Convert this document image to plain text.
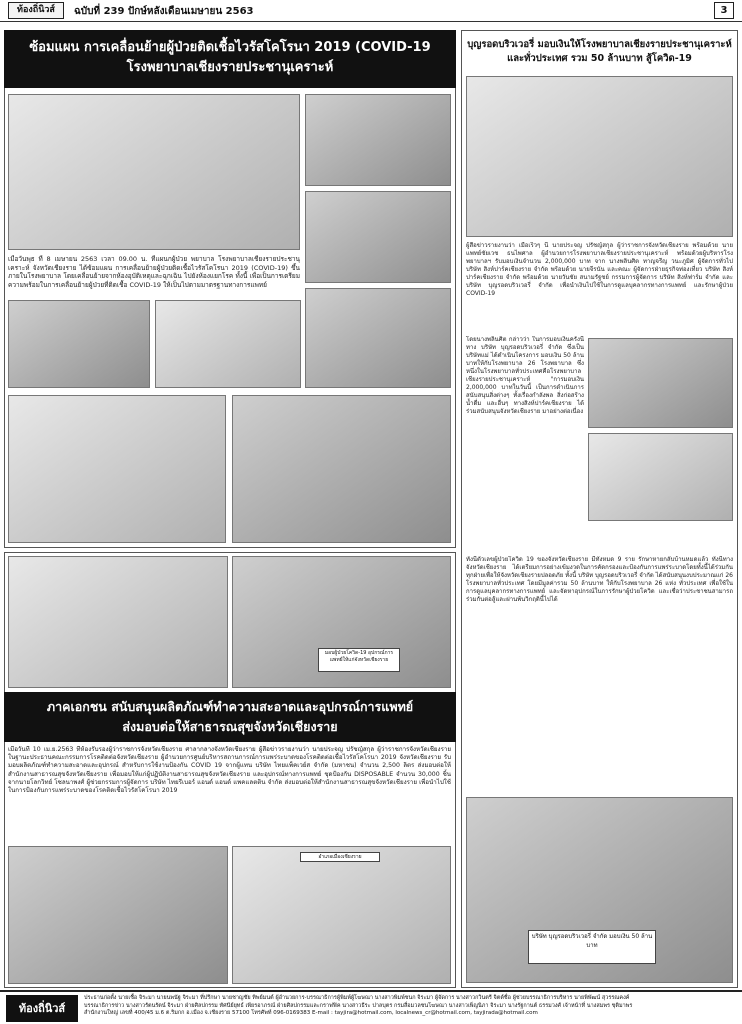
ท้องถิ่นิวส์	ฉบับที่ 239 ปักษ์หลังเดือนเมษายน 2563	3
ซ้อมแผน การเคลื่อนย้ายผู้ป่วยติดเชื้อไวรัสโคโรนา 2019 (COVID-19
โรงพยาบาลเชียงรายประชานุเคราะห์
เมื่อวันพุธ ที่ 8 เมษายน 2563 เวลา 09.00 น. ที่แผนกผู้ป่วย พยาบาล โรงพยาบาลเชียงรายประชานุเคราะห์ จังหวัดเชียงราย ได้ซ้อมแผน การเคลื่อนย้ายผู้ป่วยติดเชื้อไวรัสโคโรนา 2019 (COVID-19) ขึ้น ภายในโรงพยาบาล โดยเคลื่อนย้ายจากห้องอุบัติเหตุและฉุกเฉิน ไปยังห้องแยกโรค ทั้งนี้ เพื่อเป็นการเตรียมความพร้อมในการเคลื่อนย้ายผู้ป่วยที่ติดเชื้อ COVID-19 ให้เป็นไปตามมาตรฐานทางการแพทย์
บุญรอดบริวเวอรี่ มอบเงินให้โรงพยาบาลเชียงรายประชานุเคราะห์
และทั่วประเทศ รวม 50 ล้านบาท สู้โควิด-19
ผู้สื่อข่าวรายงานว่า เมื่อเร็วๆ นี้ นายประจญ ปรัชญ์สกุล ผู้ว่าราชการจังหวัดเชียงราย พร้อมด้วย นายแพทย์ชัยเวช ธนไพศาล ผู้อำนวยการโรงพยาบาลเชียงรายประชานุเคราะห์ พร้อมด้วยผู้บริหารโรงพยาบาลฯ รับมอบเงินจำนวน 2,000,000 บาท จาก นางพลินศิต ทาญจรีญ วนะภูมิศ ผู้จัดการทั่วไป บริษัท สิงห์ปาร์คเชียงราย จำกัด พร้อมด้วย นายจีรนัน และคณะ ผู้จัดการฝ่ายธุรกิจท่องเที่ยว บริษัท สิงห์ปาร์คเชียงราย จำกัด พร้อมด้วย นายวันชัย สนามรัฐชย์ กรรมการผู้จัดการ บริษัท สิงห์ฟาร์ม จำกัด และ บริษัท บุญรอดบริวเวอรี่ จำกัด เพื่อนำเงินไปใช้ในการดูแลบุคลากรทางการแพทย์ และรักษาผู้ป่วย COVID-19
โดยนางพลินศิต กล่าวว่า ในการมอบเงินครั้งนี้ ทาง บริษัท บุญรอดบริวเวอรี่ จำกัด ซึ่งเป็นบริษัทแม่ ได้ดำเนินโครงการ มอบเงิน 50 ล้านบาทให้กับโรงพยาบาล 26 โรงพยาบาล ซึ่งหนึ่งในโรงพยาบาลทั่วประเทศคือโรงพยาบาลเชียงรายประชานุเคราะห์ "การมอบเงิน 2,000,000 บาทในวันนี้ เป็นการดำเนินการสนับสนุนสิ่งต่างๆ ทั้งเรื่องกำลังพล สิ่งก่อสร้าง น้ำดื่ม และอื่นๆ ทางสิงห์ปาร์คเชียงราย ได้ร่วมสนับสนุนจังหวัดเชียงราย มาอย่างต่อเนื่อง
ทั้งนี้ตัวเลขผู้ป่วยโควิด 19 ของจังหวัดเชียงราย มีทั้งหมด 9 ราย รักษาหายกลับบ้านหมดแล้ว ทั้งนี้ทางจังหวัดเชียงราย ได้เตรียมการอย่างเข้มงวดในการคัดกรองและป้องกันการแพร่ระบาดโดยทั้งนี้ได้ร่วมกันทุกฝ่ายเพื่อให้จังหวัดเชียงรายปลอดภัย ทั้งนี้ บริษัท บุญรอดบริวเวอรี่ จำกัด ได้สนับสนุนงบประมาณแก่ 26 โรงพยาบาลทั่วประเทศ โดยมีมูลค่ารวม 50 ล้านบาท ให้กับโรงพยาบาล 26 แห่ง ทั่วประเทศ เพื่อใช้ในการดูแลบุคลากรทางการแพทย์ และจัดหาอุปกรณ์ในการรักษาผู้ป่วยโควิด และเชื่อว่าประชาชนสามารถร่วมกันต่อสู้และผ่านพ้นวิกฤตินี้ไปได้
บริษัท บุญรอดบริวเวอรี่ จำกัด มอบเงิน 50 ล้านบาท
มอบผู้ป่วยโควิด-19 อุปกรณ์การแพทย์ให้แก่จังหวัดเชียงราย
ภาคเอกชน สนับสนุนผลิตภัณฑ์ทำความสะอาดและอุปกรณ์การแพทย์
ส่งมอบต่อให้สาธารณสุขจังหวัดเชียงราย
เมื่อวันที่ 10 เม.ย.2563 ที่ห้องรับรองผู้ว่าราชการจังหวัดเชียงราย ศาลากลางจังหวัดเชียงราย ผู้สื่อข่าวรายงานว่า นายประจญ ปรัชญ์สกุล ผู้ว่าราชการจังหวัดเชียงราย ในฐานะประธานคณะกรรมการโรคติดต่อจังหวัดเชียงราย ผู้อำนวยการศูนย์บริหารสถานการณ์การแพร่ระบาดของโรคติดต่อเชื้อไวรัสโคโรนา 2019 จังหวัดเชียงราย รับมอบผลิตภัณฑ์ทำความสะอาดและอุปกรณ์ สำหรับการใช้งานป้องกัน COVID 19 จากผู้แทน บริษัท ไทยแพ็คเวย์ส จำกัด (มหาชน) จำนวน 2,500 ลิตร ส่งมอบต่อให้สำนักงานสาธารณสุขจังหวัดเชียงราย เพื่อมอบให้แก่ผู้ปฏิบัติงานสาธารณสุขจังหวัดเชียงราย และอุปกรณ์ทางการแพทย์ ชุดป้องกัน DISPOSABLE จำนวน 30,000 ชิ้น จากนายโลกวิทย์ โซลนาพงศ์ ผู้ช่วยกรรมการผู้จัดการ บริษัท ไทยรีเบอร์ แอนด์ แอนด์ แพคแลตติน จำกัด ส่งมอบต่อให้สำนักงานสาธารณสุขจังหวัดเชียงราย เพื่อนำไปใช้ในการป้องกันการแพร่ระบาดของโรคติดเชื้อไวรัสโคโรนา 2019
อำเภอเมืองเชียงราย
ท้องถิ่นิวส์
ประธานก่อตั้ง นายเชื้อ จิระมา นายนพนัฐ จิระมา ที่ปรึกษา นายชาญชัย ทิพย์มนต์ ผู้อำนวยการ-บรรณาธิการผู้พิมพ์ผู้โฆษณา นางสาวพิมพ์ชนก จิระมา ผู้จัดการ นางสาวกวินตรี จิตต์ชื่อ ผู้ช่วยบรรณาธิการบริหาร นายพิพัฒน์ สุวรรณคงค์
บรรณาธิการข่าว นางสาวรัตนรัตน์ จิระมา ฝ่ายศิลปกรรม ทัศนีย์ยุทธ์ เพียรอาภรณ์ ฝ่ายศิลปกรรมและกราฟฟิค นางสาวธีระ ปาลบุตร กรมสื่อมวลชนโฆษณา นางสาวเพ็ญนิภา จิระมา นางรัฐกานต์ ธรรมวงศ์ เจ้าหน้าที่ นางสมพร ชุติมาพร
สำนักงานใหญ่ เลขที่ 400/45 ม.6 ต.ริมกก อ.เมือง จ.เชียงราย 57100 โทรศัพท์ 096-0169383 E-mail : tayjira@hotmail.com, localnews_cr@hotmail.com, tayjirada@hotmail.com
